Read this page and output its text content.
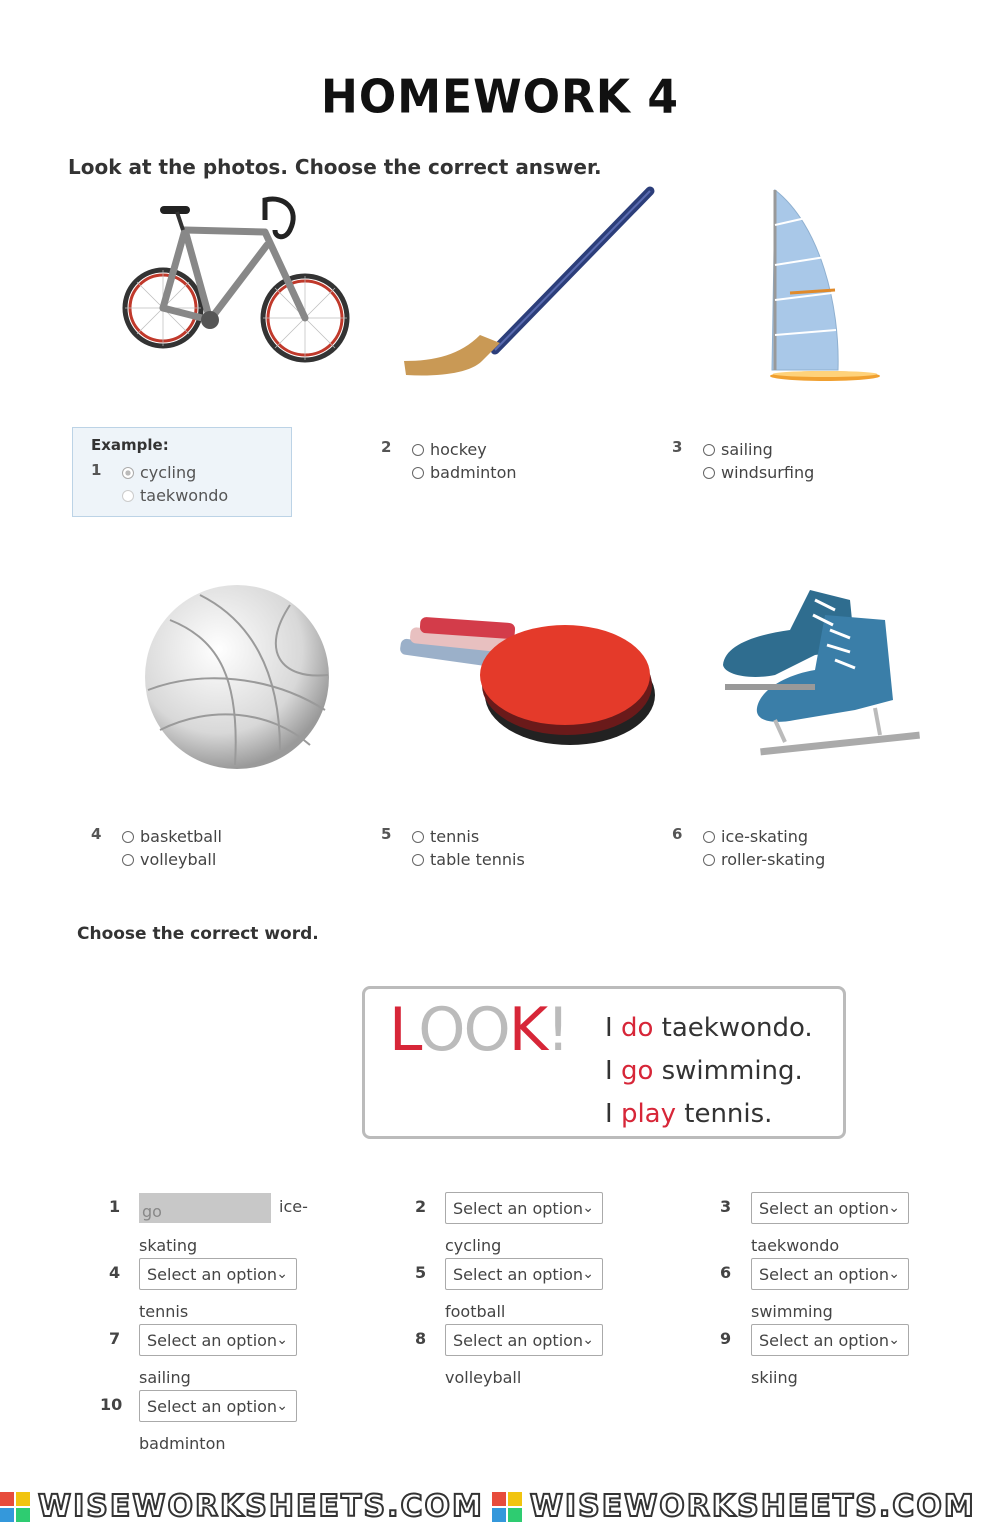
HOMEWORK 4
Look at the photos. Choose the correct answer.
Example:
1 cycling
taekwondo
2 hockey
badminton
3 sailing
windsurfing
4 basketball
volleyball
5 tennis
table tennis
6 ice-skating
roller-skating
Choose the correct word.
LOOK! I do taekwondo.
I go swimming.
I play tennis.
1 go	ice-
skating
2 Select an option ⌄
cycling
3 Select an option ⌄
taekwondo
4 Select an option ⌄
tennis
5 Select an option ⌄
football
6 Select an option ⌄
swimming
7 Select an option ⌄
sailing
8 Select an option ⌄
volleyball
9 Select an option ⌄
skiing
10 Select an option ⌄
badminton
WISEWORKSHEETS.COM WISEWORKSHEETS.COM
